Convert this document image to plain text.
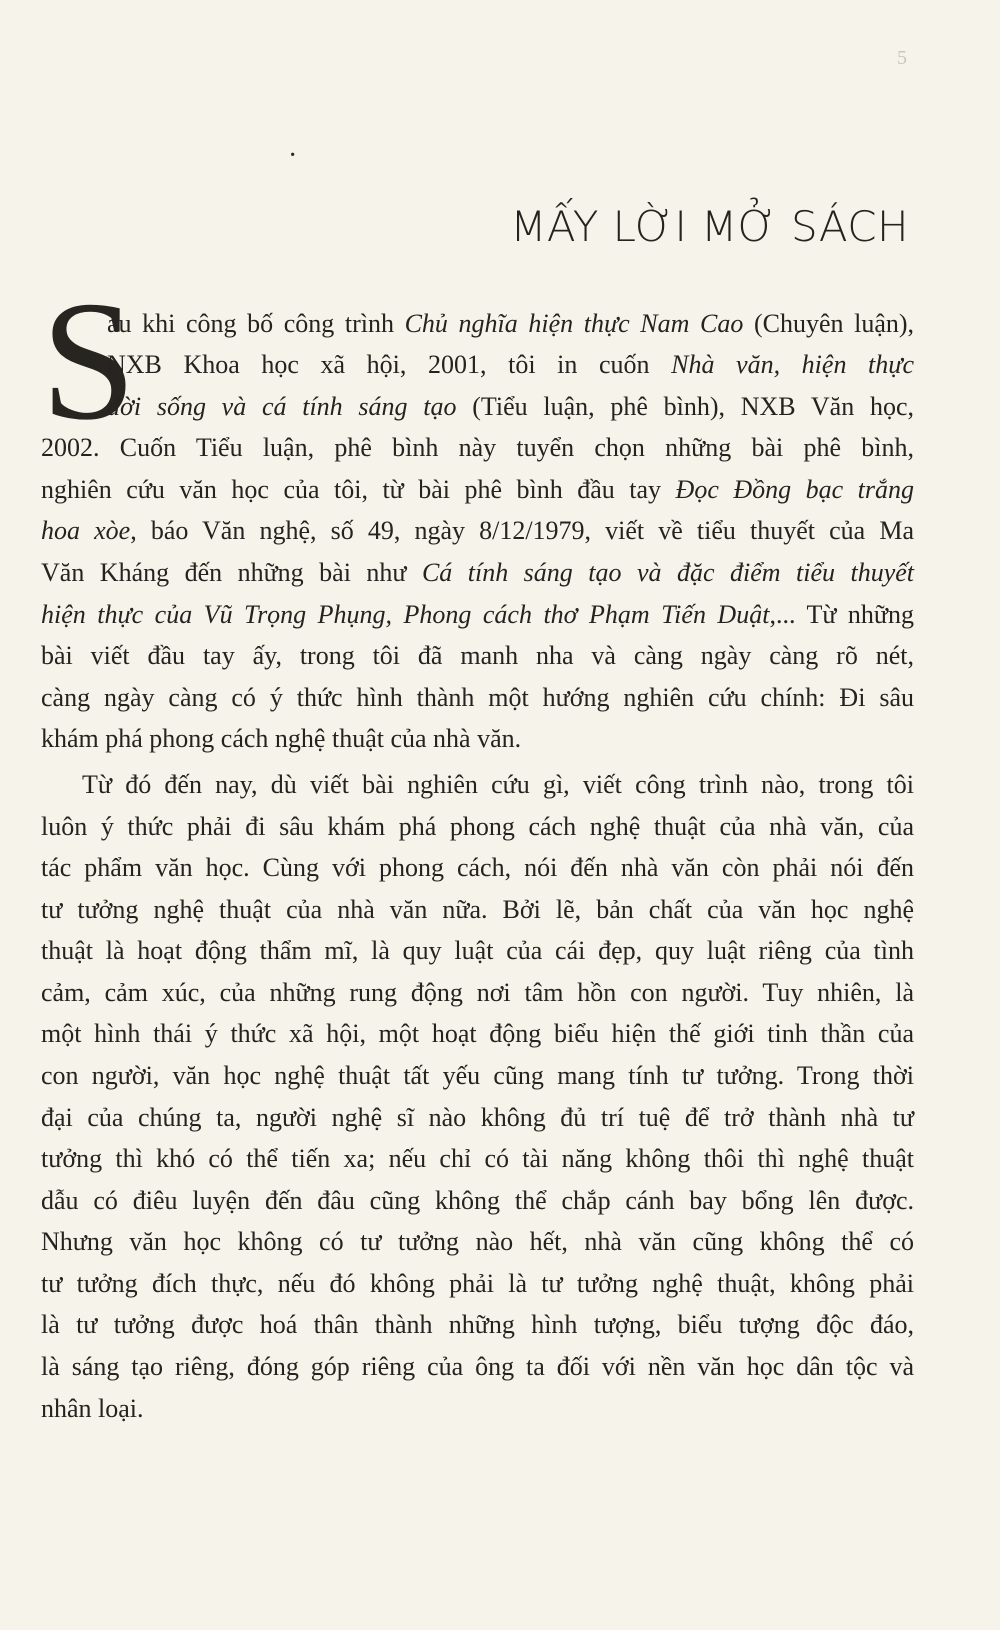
5
·
MẤY LỜI MỞ SÁCH
S

au khi công bố công trình Chủ nghĩa hiện thực Nam Cao (Chuyên luận),

NXB Khoa học xã hội, 2001, tôi in cuốn Nhà văn, hiện thực

đời sống và cá tính sáng tạo (Tiểu luận, phê bình), NXB Văn học,

2002. Cuốn Tiểu luận, phê bình này tuyển chọn những bài phê bình,

nghiên cứu văn học của tôi, từ bài phê bình đầu tay Đọc Đồng bạc trắng

hoa xòe, báo Văn nghệ, số 49, ngày 8/12/1979, viết về tiểu thuyết của Ma

Văn Kháng đến những bài như Cá tính sáng tạo và đặc điểm tiểu thuyết

hiện thực của Vũ Trọng Phụng, Phong cách thơ Phạm Tiến Duật,... Từ những

bài viết đầu tay ấy, trong tôi đã manh nha và càng ngày càng rõ nét,

càng ngày càng có ý thức hình thành một hướng nghiên cứu chính: Đi sâu

khám phá phong cách nghệ thuật của nhà văn.

Từ đó đến nay, dù viết bài nghiên cứu gì, viết công trình nào, trong tôi

luôn ý thức phải đi sâu khám phá phong cách nghệ thuật của nhà văn, của

tác phẩm văn học. Cùng với phong cách, nói đến nhà văn còn phải nói đến

tư tưởng nghệ thuật của nhà văn nữa. Bởi lẽ, bản chất của văn học nghệ

thuật là hoạt động thẩm mĩ, là quy luật của cái đẹp, quy luật riêng của tình

cảm, cảm xúc, của những rung động nơi tâm hồn con người. Tuy nhiên, là

một hình thái ý thức xã hội, một hoạt động biểu hiện thế giới tinh thần của

con người, văn học nghệ thuật tất yếu cũng mang tính tư tưởng. Trong thời

đại của chúng ta, người nghệ sĩ nào không đủ trí tuệ để trở thành nhà tư

tưởng thì khó có thể tiến xa; nếu chỉ có tài năng không thôi thì nghệ thuật

dẫu có điêu luyện đến đâu cũng không thể chắp cánh bay bổng lên được.

Nhưng văn học không có tư tưởng nào hết, nhà văn cũng không thể có

tư tưởng đích thực, nếu đó không phải là tư tưởng nghệ thuật, không phải

là tư tưởng được hoá thân thành những hình tượng, biểu tượng độc đáo,

là sáng tạo riêng, đóng góp riêng của ông ta đối với nền văn học dân tộc và

nhân loại.
